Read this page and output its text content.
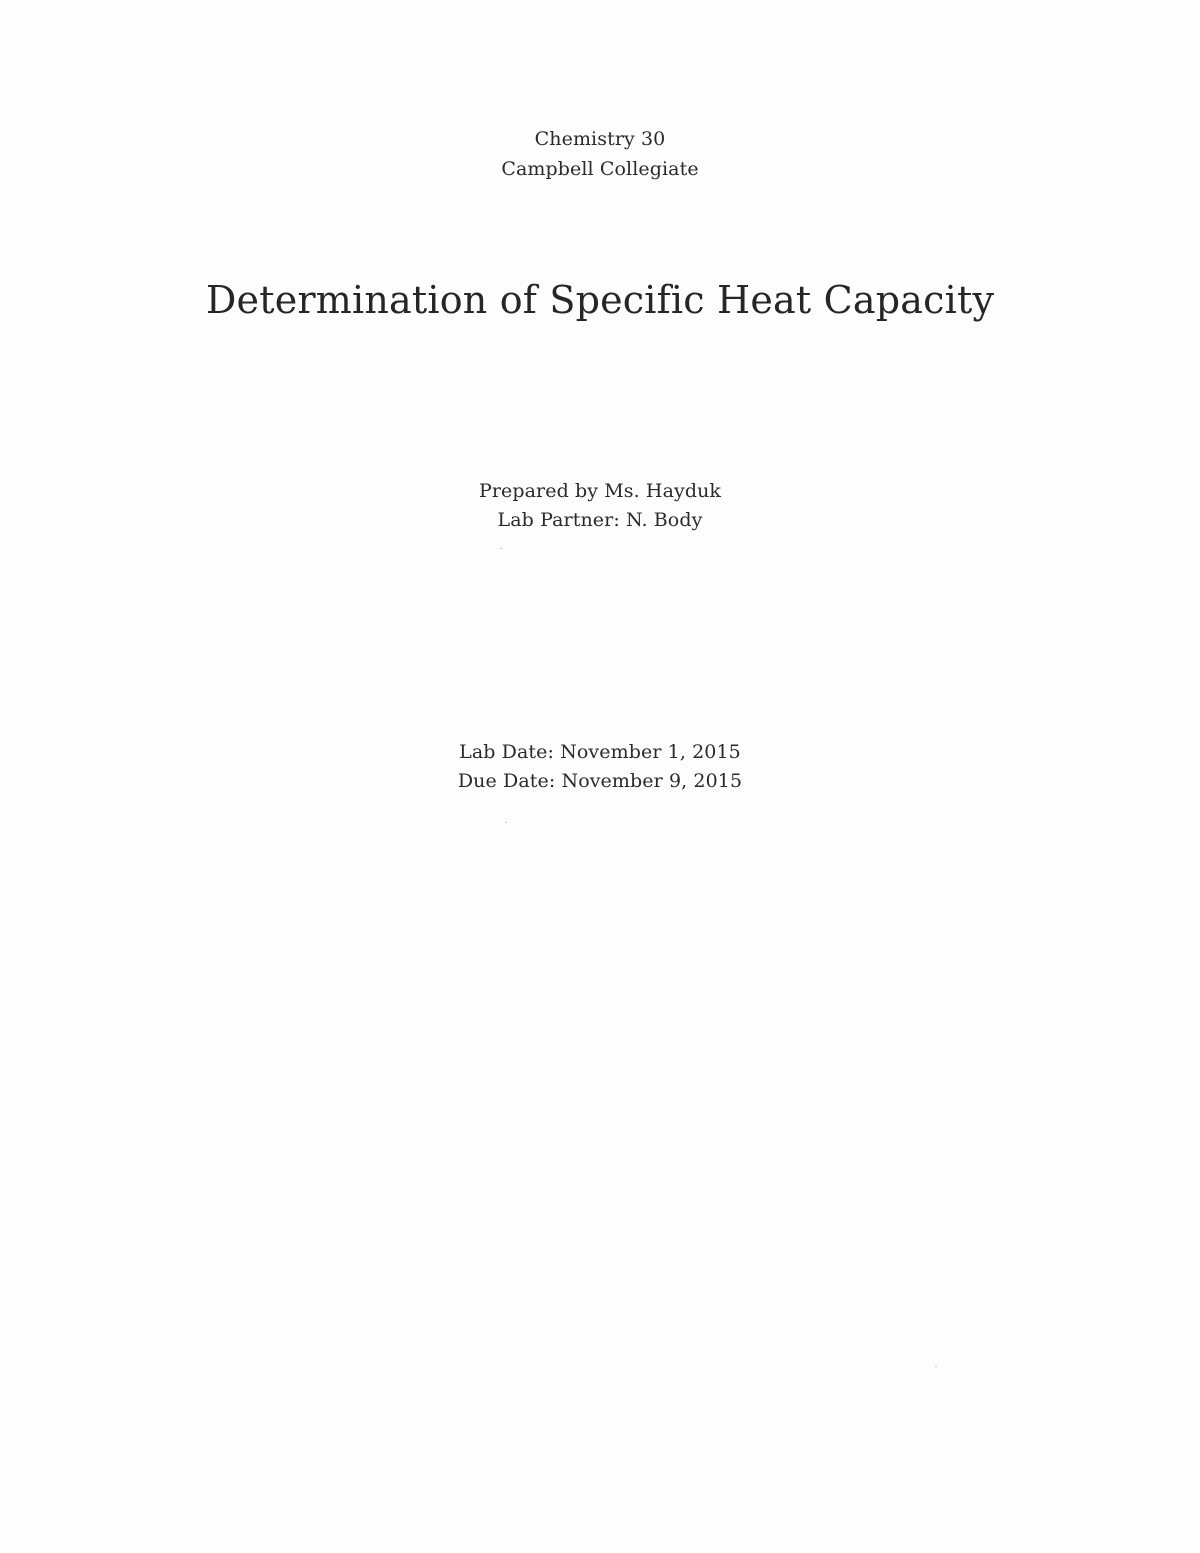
Chemistry 30
Campbell Collegiate
Determination of Specific Heat Capacity
Prepared by Ms. Hayduk
Lab Partner: N. Body
Lab Date: November 1, 2015
Due Date: November 9, 2015
